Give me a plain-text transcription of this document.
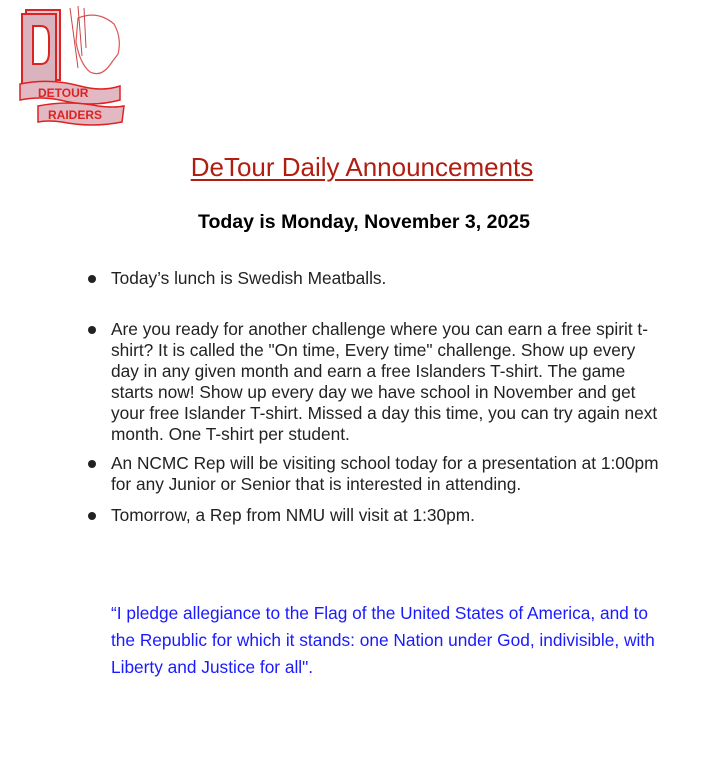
DETOUR
RAIDERS
DeTour Daily Announcements
Today is Monday, November 3, 2025
Today’s lunch is Swedish Meatballs.
Are you ready for another challenge where you can earn a free spirit t-shirt? It is called the "On time, Every time" challenge. Show up every day in any given month and earn a free Islanders T-shirt. The game starts now! Show up every day we have school in November and get your free Islander T-shirt. Missed a day this time, you can try again next month. One T-shirt per student.
An NCMC Rep will be visiting school today for a presentation at 1:00pm for any Junior or Senior that is interested in attending.
Tomorrow, a Rep from NMU will visit at 1:30pm.
“I pledge allegiance to the Flag of the United States of America, and to the Republic for which it stands: one Nation under God, indivisible, with Liberty and Justice for all".
